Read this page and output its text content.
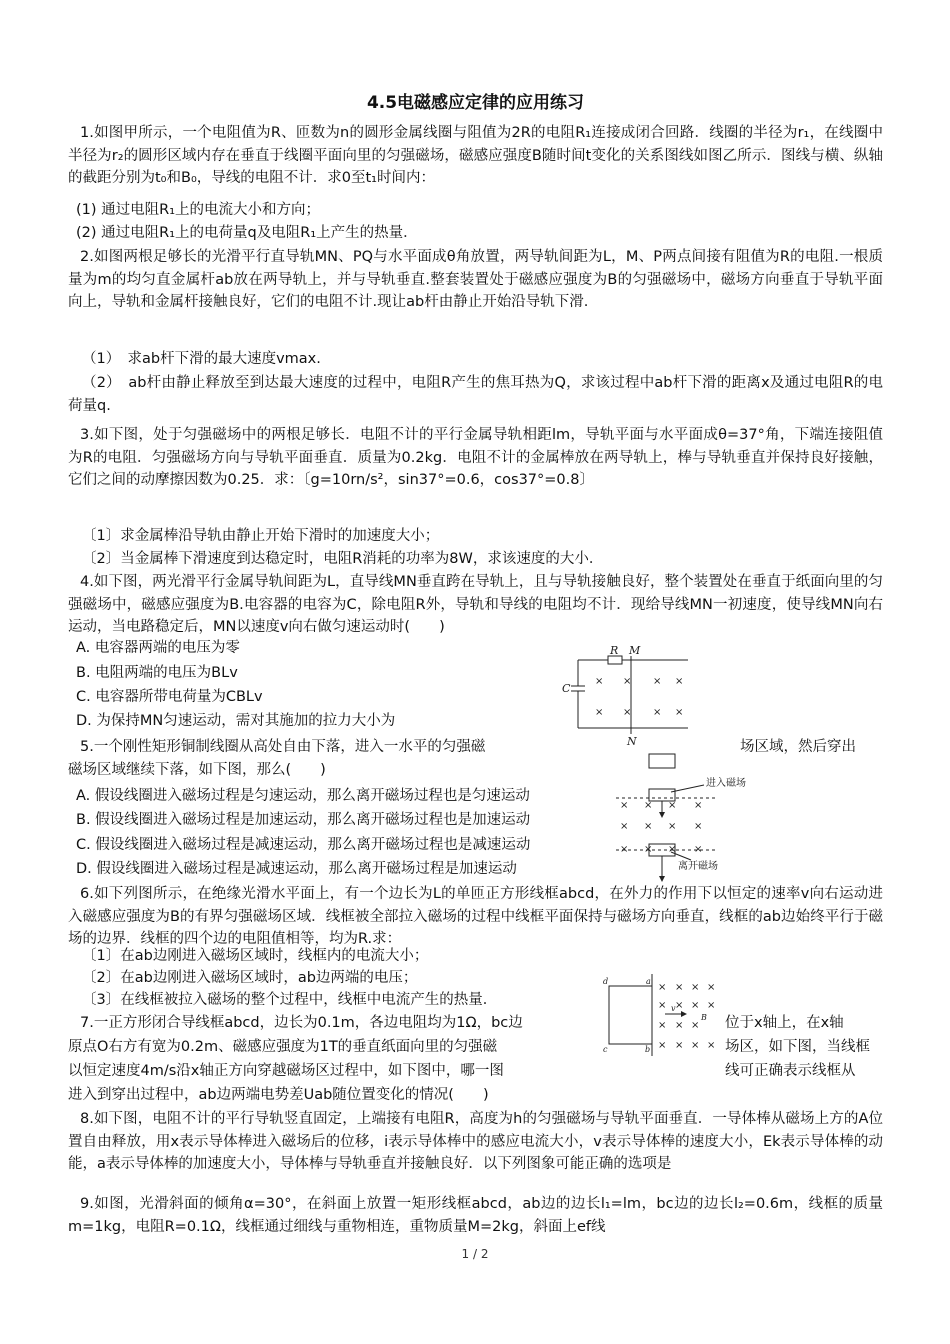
4.5电磁感应定律的应用练习
1.如图甲所示，一个电阻值为R、匝数为n的圆形金属线圈与阻值为2R的电阻R₁连接成闭合回路．线圈的半径为r₁，在线圈中半径为r₂的圆形区域内存在垂直于线圈平面向里的匀强磁场，磁感应强度B随时间t变化的关系图线如图乙所示．图线与横、纵轴的截距分别为t₀和B₀，导线的电阻不计．求0至t₁时间内：
(1) 通过电阻R₁上的电流大小和方向；
(2) 通过电阻R₁上的电荷量q及电阻R₁上产生的热量．
2.如图两根足够长的光滑平行直导轨MN、PQ与水平面成θ角放置，两导轨间距为L，M、P两点间接有阻值为R的电阻.一根质量为m的均匀直金属杆ab放在两导轨上，并与导轨垂直.整套装置处于磁感应强度为B的匀强磁场中，磁场方向垂直于导轨平面向上，导轨和金属杆接触良好，它们的电阻不计.现让ab杆由静止开始沿导轨下滑.
（1）　求ab杆下滑的最大速度vmax.
（2）　ab杆由静止释放至到达最大速度的过程中，电阻R产生的焦耳热为Q，求该过程中ab杆下滑的距离x及通过电阻R的电荷量q.
3.如下图，处于匀强磁场中的两根足够长．电阻不计的平行金属导轨相距lm，导轨平面与水平面成θ=37°角，下端连接阻值为R的电阻．匀强磁场方向与导轨平面垂直．质量为0.2kg．电阻不计的金属棒放在两导轨上，棒与导轨垂直并保持良好接触，它们之间的动摩擦因数为0.25．求：〔g=10rn/s²，sin37°=0.6，cos37°=0.8〕
〔1〕求金属棒沿导轨由静止开始下滑时的加速度大小；
〔2〕当金属棒下滑速度到达稳定时，电阻R消耗的功率为8W，求该速度的大小．
4.如下图，两光滑平行金属导轨间距为L，直导线MN垂直跨在导轨上，且与导轨接触良好，整个装置处在垂直于纸面向里的匀强磁场中，磁感应强度为B.电容器的电容为C，除电阻R外，导轨和导线的电阻均不计．现给导线MN一初速度，使导线MN向右运动，当电路稳定后，MN以速度v向右做匀速运动时(　　)
A. 电容器两端的电压为零
B. 电阻两端的电压为BLv
C. 电容器所带电荷量为CBLv
D. 为保持MN匀速运动，需对其施加的拉力大小为
× × × ×
× × × ×
R M
C
N
5.一个刚性矩形铜制线圈从高处自由下落，进入一水平的匀强磁	场区域，然后穿出
磁场区域继续下落，如下图，那么(　　)
A. 假设线圈进入磁场过程是匀速运动，那么离开磁场过程也是匀速运动
B. 假设线圈进入磁场过程是加速运动，那么离开磁场过程也是加速运动
C. 假设线圈进入磁场过程是减速运动，那么离开磁场过程也是减速运动
D. 假设线圈进入磁场过程是减速运动，那么离开磁场过程是加速运动
× × × ×
× × × ×
× × × ×
进入磁场
离开磁场
6.如下列图所示，在绝缘光滑水平面上，有一个边长为L的单匝正方形线框abcd，在外力的作用下以恒定的速率v向右运动进入磁感应强度为B的有界匀强磁场区域．线框被全部拉入磁场的过程中线框平面保持与磁场方向垂直，线框的ab边始终平行于磁场的边界．线框的四个边的电阻值相等，均为R.求：
〔1〕在ab边刚进入磁场区域时，线框内的电流大小；
〔2〕在ab边刚进入磁场区域时，ab边两端的电压；
〔3〕在线框被拉入磁场的整个过程中，线框中电流产生的热量．
× × × ×
× × × ×
× × ×
× × × ×
d	a
c	b
v
B
7.一正方形闭合导线框abcd，边长为0.1m，各边电阻均为1Ω，bc边	位于x轴上，在x轴
原点O右方有宽为0.2m、磁感应强度为1T的垂直纸面向里的匀强磁	场区，如下图，当线框
以恒定速度4m/s沿x轴正方向穿越磁场区过程中，如下图中，哪一图	线可正确表示线框从
进入到穿出过程中，ab边两端电势差Uab随位置变化的情况(　　)
8.如下图，电阻不计的平行导轨竖直固定，上端接有电阻R，高度为h的匀强磁场与导轨平面垂直．一导体棒从磁场上方的A位置自由释放，用x表示导体棒进入磁场后的位移，i表示导体棒中的感应电流大小，v表示导体棒的速度大小，Ek表示导体棒的动能，a表示导体棒的加速度大小，导体棒与导轨垂直并接触良好．以下列图象可能正确的选项是
9.如图，光滑斜面的倾角α=30°，在斜面上放置一矩形线框abcd，ab边的边长l₁=lm，bc边的边长l₂=0.6m，线框的质量m=1kg，电阻R=0.1Ω，线框通过细线与重物相连，重物质量M=2kg，斜面上ef线
1 / 2
